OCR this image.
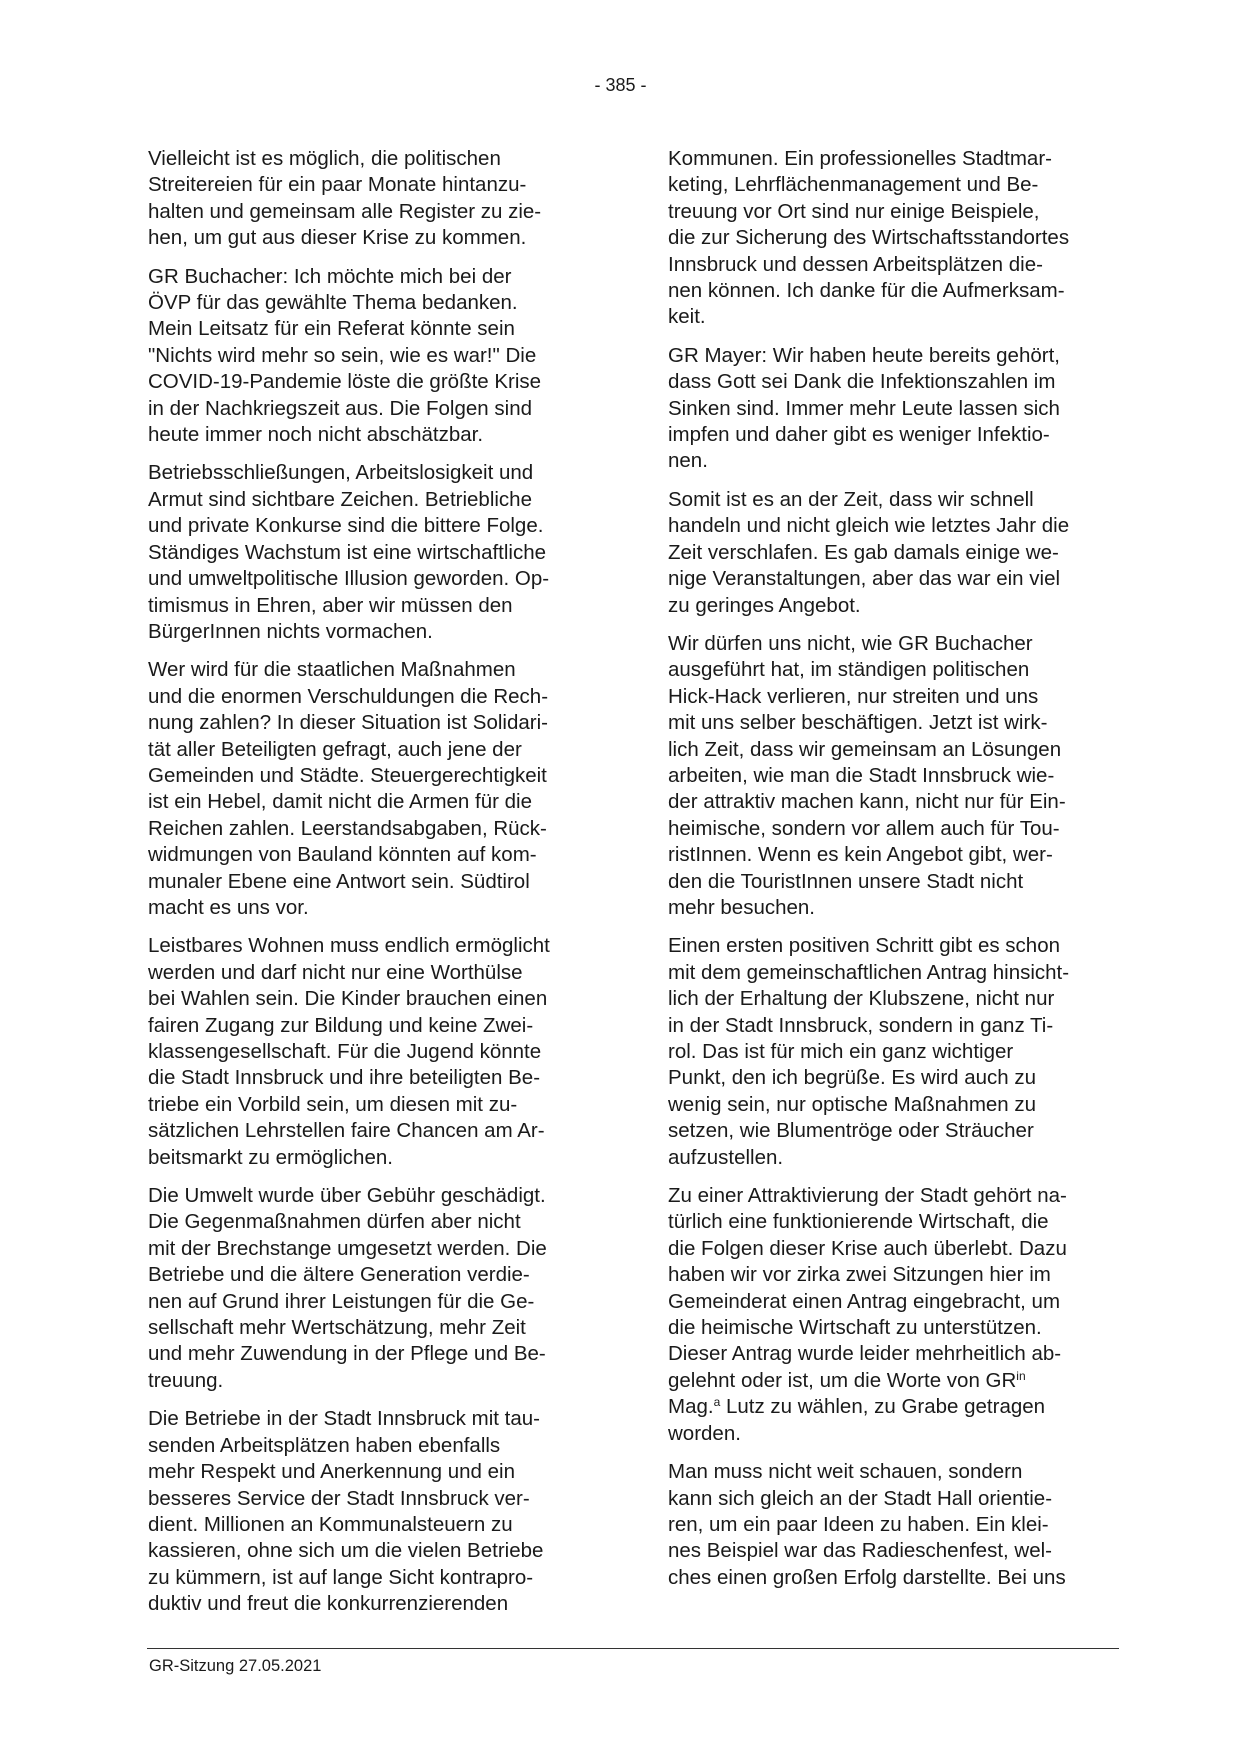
- 385 -

Vielleicht ist es möglich, die politischen
Streitereien für ein paar Monate hintanzu-
halten und gemeinsam alle Register zu zie-
hen, um gut aus dieser Krise zu kommen.

GR Buchacher: Ich möchte mich bei der
ÖVP für das gewählte Thema bedanken.
Mein Leitsatz für ein Referat könnte sein
"Nichts wird mehr so sein, wie es war!" Die
COVID-19-Pandemie löste die größte Krise
in der Nachkriegszeit aus. Die Folgen sind
heute immer noch nicht abschätzbar.

Betriebsschließungen, Arbeitslosigkeit und
Armut sind sichtbare Zeichen. Betriebliche
und private Konkurse sind die bittere Folge.
Ständiges Wachstum ist eine wirtschaftliche
und umweltpolitische Illusion geworden. Op-
timismus in Ehren, aber wir müssen den
BürgerInnen nichts vormachen.

Wer wird für die staatlichen Maßnahmen
und die enormen Verschuldungen die Rech-
nung zahlen? In dieser Situation ist Solidari-
tät aller Beteiligten gefragt, auch jene der
Gemeinden und Städte. Steuergerechtigkeit
ist ein Hebel, damit nicht die Armen für die
Reichen zahlen. Leerstandsabgaben, Rück-
widmungen von Bauland könnten auf kom-
munaler Ebene eine Antwort sein. Südtirol
macht es uns vor.

Leistbares Wohnen muss endlich ermöglicht
werden und darf nicht nur eine Worthülse
bei Wahlen sein. Die Kinder brauchen einen
fairen Zugang zur Bildung und keine Zwei-
klassengesellschaft. Für die Jugend könnte
die Stadt Innsbruck und ihre beteiligten Be-
triebe ein Vorbild sein, um diesen mit zu-
sätzlichen Lehrstellen faire Chancen am Ar-
beitsmarkt zu ermöglichen.

Die Umwelt wurde über Gebühr geschädigt.
Die Gegenmaßnahmen dürfen aber nicht
mit der Brechstange umgesetzt werden. Die
Betriebe und die ältere Generation verdie-
nen auf Grund ihrer Leistungen für die Ge-
sellschaft mehr Wertschätzung, mehr Zeit
und mehr Zuwendung in der Pflege und Be-
treuung.

Die Betriebe in der Stadt Innsbruck mit tau-
senden Arbeitsplätzen haben ebenfalls
mehr Respekt und Anerkennung und ein
besseres Service der Stadt Innsbruck ver-
dient. Millionen an Kommunalsteuern zu
kassieren, ohne sich um die vielen Betriebe
zu kümmern, ist auf lange Sicht kontrapro-
duktiv und freut die konkurrenzierenden

Kommunen. Ein professionelles Stadtmar-
keting, Lehrflächenmanagement und Be-
treuung vor Ort sind nur einige Beispiele,
die zur Sicherung des Wirtschaftsstandortes
Innsbruck und dessen Arbeitsplätzen die-
nen können. Ich danke für die Aufmerksam-
keit.

GR Mayer: Wir haben heute bereits gehört,
dass Gott sei Dank die Infektionszahlen im
Sinken sind. Immer mehr Leute lassen sich
impfen und daher gibt es weniger Infektio-
nen.

Somit ist es an der Zeit, dass wir schnell
handeln und nicht gleich wie letztes Jahr die
Zeit verschlafen. Es gab damals einige we-
nige Veranstaltungen, aber das war ein viel
zu geringes Angebot.

Wir dürfen uns nicht, wie GR Buchacher
ausgeführt hat, im ständigen politischen
Hick-Hack verlieren, nur streiten und uns
mit uns selber beschäftigen. Jetzt ist wirk-
lich Zeit, dass wir gemeinsam an Lösungen
arbeiten, wie man die Stadt Innsbruck wie-
der attraktiv machen kann, nicht nur für Ein-
heimische, sondern vor allem auch für Tou-
ristInnen. Wenn es kein Angebot gibt, wer-
den die TouristInnen unsere Stadt nicht
mehr besuchen.

Einen ersten positiven Schritt gibt es schon
mit dem gemeinschaftlichen Antrag hinsicht-
lich der Erhaltung der Klubszene, nicht nur
in der Stadt Innsbruck, sondern in ganz Ti-
rol. Das ist für mich ein ganz wichtiger
Punkt, den ich begrüße. Es wird auch zu
wenig sein, nur optische Maßnahmen zu
setzen, wie Blumentröge oder Sträucher
aufzustellen.

Zu einer Attraktivierung der Stadt gehört na-
türlich eine funktionierende Wirtschaft, die
die Folgen dieser Krise auch überlebt. Dazu
haben wir vor zirka zwei Sitzungen hier im
Gemeinderat einen Antrag eingebracht, um
die heimische Wirtschaft zu unterstützen.
Dieser Antrag wurde leider mehrheitlich ab-
gelehnt oder ist, um die Worte von $GR^{in}$
Mag.$^a$ Lutz zu wählen, zu Grabe getragen
worden.

Man muss nicht weit schauen, sondern
kann sich gleich an der Stadt Hall orientie-
ren, um ein paar Ideen zu haben. Ein klei-
nes Beispiel war das Radieschenfest, wel-
ches einen großen Erfolg darstellte. Bei uns

GR-Sitzung 27.05.2021
